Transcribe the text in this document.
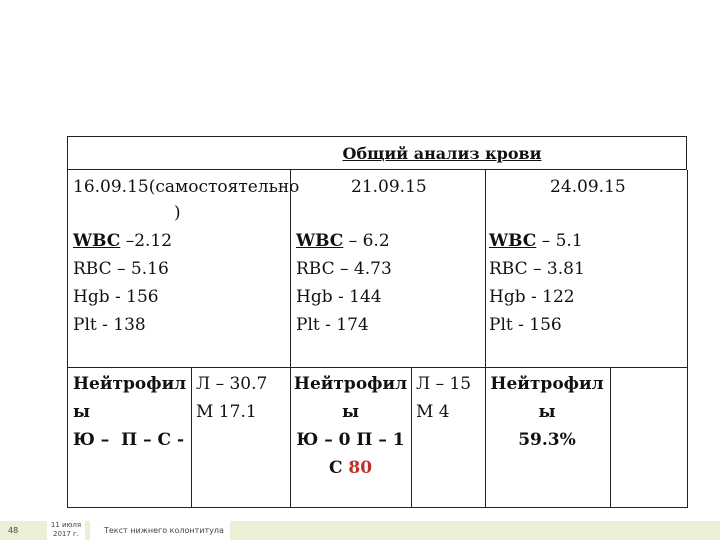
Общий анализ крови
16.09.15(самостоятельно
)
WBC –2.12
RBC – 5.16
Hgb - 156
Plt - 138
Нейтрофил
ы
Ю –  П – С -
Л – 30.7
М 17.1
21.09.15
WBC – 6.2
RBC – 4.73
Hgb - 144
Plt - 174
Нейтрофил
ы
Ю – 0 П – 1
С 80
Л – 15
М 4
24.09.15
WBC – 5.1
RBC – 3.81
Hgb - 122
Plt - 156
Нейтрофил
ы
59.3%
48
11 июля
2017 г.	Текст нижнего колонтитула
